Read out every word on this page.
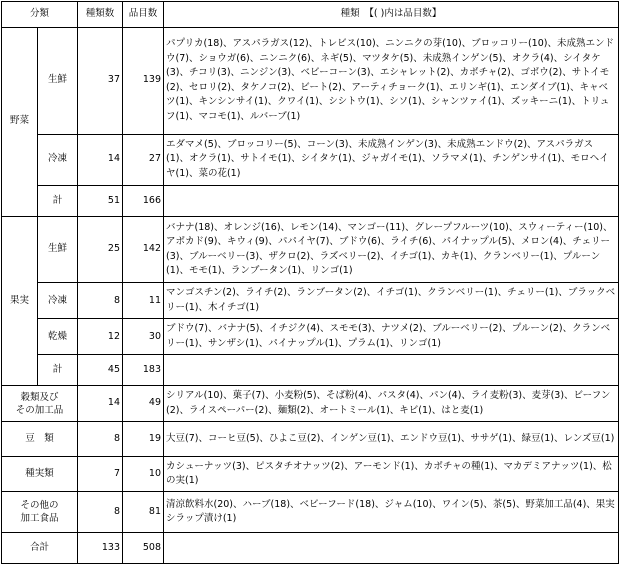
分類		種類数	品目数	種類　【( )内は品目数】
野菜	生鮮	37	139	パプリカ(18)、アスパラガス(12)、トレビス(10)、ニンニクの芽(10)、ブロッコリー(10)、未成熟エンドウ(7)、ショウガ(6)、ニンニク(6)、ネギ(5)、マツタケ(5)、未成熟インゲン(5)、オクラ(4)、シイタケ(3)、チコリ(3)、ニンジン(3)、ベビーコーン(3)、エシャレット(2)、カボチャ(2)、ゴボウ(2)、サトイモ(2)、セロリ(2)、タケノコ(2)、ビート(2)、アーティチョーク(1)、エリンギ(1)、エンダイブ(1)、キャベツ(1)、キンシンサイ(1)、クワイ(1)、シシトウ(1)、シソ(1)、シャンツァイ(1)、ズッキーニ(1)、トリュフ(1)、マコモ(1)、ルバーブ(1)
	冷凍	14	27	エダマメ(5)、ブロッコリー(5)、コーン(3)、未成熟インゲン(3)、未成熟エンドウ(2)、アスパラガス(1)、オクラ(1)、サトイモ(1)、シイタケ(1)、ジャガイモ(1)、ソラマメ(1)、チンゲンサイ(1)、モロヘイヤ(1)、菜の花(1)
	計	51	166	
果実	生鮮	25	142	バナナ(18)、オレンジ(16)、レモン(14)、マンゴー(11)、グレープフルーツ(10)、スウィーティー(10)、アボカド(9)、キウィ(9)、パパイヤ(7)、ブドウ(6)、ライチ(6)、パイナップル(5)、メロン(4)、チェリー(3)、ブルーベリー(3)、ザクロ(2)、ラズベリー(2)、イチゴ(1)、カキ(1)、クランベリー(1)、プルーン(1)、モモ(1)、ランブータン(1)、リンゴ(1)
	冷凍	8	11	マンゴスチン(2)、ライチ(2)、ランブータン(2)、イチゴ(1)、クランベリー(1)、チェリー(1)、ブラックベリー(1)、木イチゴ(1)
	乾燥	12	30	ブドウ(7)、バナナ(5)、イチジク(4)、スモモ(3)、ナツメ(2)、ブルーベリー(2)、プルーン(2)、クランベリー(1)、サンザシ(1)、パイナップル(1)、プラム(1)、リンゴ(1)
	計	45	183	

穀類及び
その加工品		14	49	シリアル(10)、菓子(7)、小麦粉(5)、そば粉(4)、パスタ(4)、パン(4)、ライ麦粉(3)、麦芽(3)、ビーフン(2)、ライスペーパー(2)、麺類(2)、オートミール(1)、キビ(1)、はと麦(1)
豆　類		8	19	大豆(7)、コーヒ豆(5)、ひよこ豆(2)、インゲン豆(1)、エンドウ豆(1)、ササゲ(1)、緑豆(1)、レンズ豆(1)
種実類		7	10	カシューナッツ(3)、ピスタチオナッツ(2)、アーモンド(1)、カボチャの種(1)、マカデミアナッツ(1)、松の実(1)

その他の
加工食品		8	81	清涼飲料水(20)、ハーブ(18)、ベビーフード(18)、ジャム(10)、ワイン(5)、茶(5)、野菜加工品(4)、果実シラップ漬け(1)
合計		133	508	
